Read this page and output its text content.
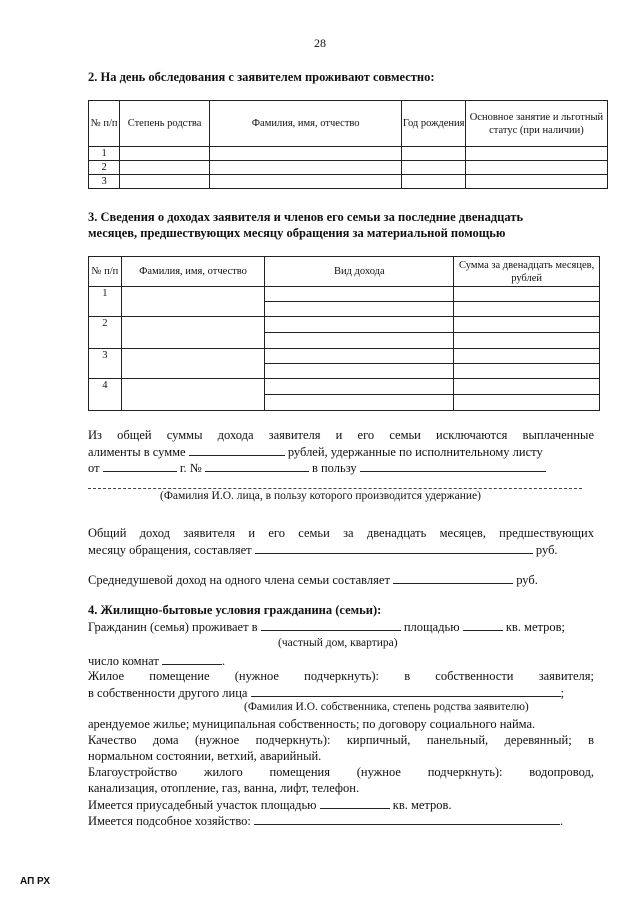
28
2. На день обследования с заявителем проживают совместно:
№ п/п	Степень родства	Фамилия, имя, отчество	Год рождения	Основное занятие и льготный статус (при наличии)
1				
2				
3				
3. Сведения о доходах заявителя и членов его семьи за последние двенадцать
месяцев, предшествующих месяцу обращения за материальной помощью
№ п/п	Фамилия, имя, отчество	Вид дохода	Сумма за двенадцать месяцев, рублей
1			

2			

3			

4			

Из общей суммы дохода заявителя и его семьи исключаются выплаченные
алименты в сумме	рублей, удержанные по исполнительному листу
от	г. №	в пользу
(Фамилия И.О. лица, в пользу которого производится удержание)
Общий доход заявителя и его семьи за двенадцать месяцев, предшествующих
месяцу обращения, составляет	руб.
Среднедушевой доход на одного члена семьи составляет	руб.
4. Жилищно-бытовые условия гражданина (семьи):
Гражданин (семья) проживает в	площадью	кв. метров;
(частный дом, квартира)
число комнат	.
Жилое помещение (нужное подчеркнуть): в собственности заявителя;
в собственности другого лица	;
(Фамилия И.О. собственника, степень родства заявителю)
арендуемое жилье; муниципальная собственность; по договору социального найма.
Качество дома (нужное подчеркнуть): кирпичный, панельный, деревянный; в
нормальном состоянии, ветхий, аварийный.
Благоустройство жилого помещения (нужное подчеркнуть): водопровод,
канализация, отопление, газ, ванна, лифт, телефон.
Имеется приусадебный участок площадью	кв. метров.
Имеется подсобное хозяйство:	.
АП РХ
